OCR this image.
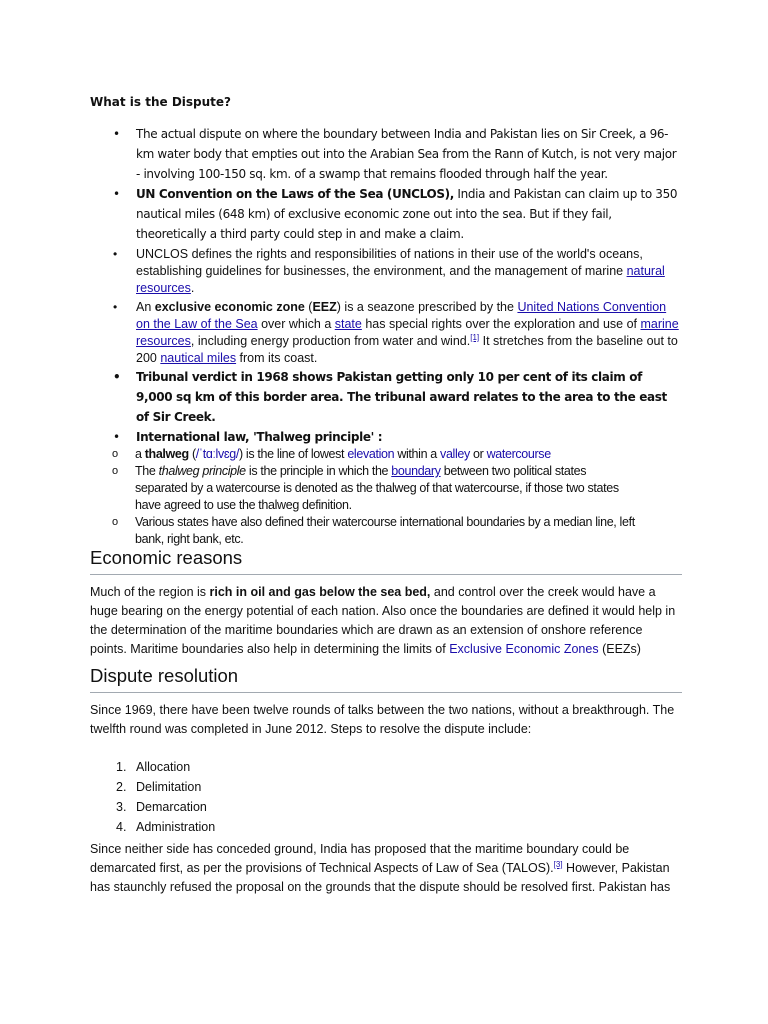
What is the Dispute?
• The actual dispute on where the boundary between India and Pakistan lies on Sir Creek, a 96-km water body that empties out into the Arabian Sea from the Rann of Kutch, is not very major - involving 100-150 sq. km. of a swamp that remains flooded through half the year.
• UN Convention on the Laws of the Sea (UNCLOS), India and Pakistan can claim up to 350 nautical miles (648 km) of exclusive economic zone out into the sea. But if they fail, theoretically a third party could step in and make a claim.
• UNCLOS defines the rights and responsibilities of nations in their use of the world's oceans, establishing guidelines for businesses, the environment, and the management of marine natural resources.
• An exclusive economic zone (EEZ) is a seazone prescribed by the United Nations Convention on the Law of the Sea over which a state has special rights over the exploration and use of marine resources, including energy production from water and wind.[1] It stretches from the baseline out to 200 nautical miles from its coast.
• Tribunal verdict in 1968 shows Pakistan getting only 10 per cent of its claim of 9,000 sq km of this border area. The tribunal award relates to the area to the east of Sir Creek.
• International law, 'Thalweg principle' :
o a thalweg (/ˈtɑːlvɛɡ/) is the line of lowest elevation within a valley or watercourse
o The thalweg principle is the principle in which the boundary between two political states separated by a watercourse is denoted as the thalweg of that watercourse, if those two states have agreed to use the thalweg definition.
o Various states have also defined their watercourse international boundaries by a median line, left bank, right bank, etc.
Economic reasons
Much of the region is rich in oil and gas below the sea bed, and control over the creek would have a huge bearing on the energy potential of each nation. Also once the boundaries are defined it would help in the determination of the maritime boundaries which are drawn as an extension of onshore reference points. Maritime boundaries also help in determining the limits of Exclusive Economic Zones (EEZs)
Dispute resolution
Since 1969, there have been twelve rounds of talks between the two nations, without a breakthrough. The twelfth round was completed in June 2012. Steps to resolve the dispute include:
1. Allocation
2. Delimitation
3. Demarcation
4. Administration
Since neither side has conceded ground, India has proposed that the maritime boundary could be demarcated first, as per the provisions of Technical Aspects of Law of Sea (TALOS).[3] However, Pakistan has staunchly refused the proposal on the grounds that the dispute should be resolved first. Pakistan has
